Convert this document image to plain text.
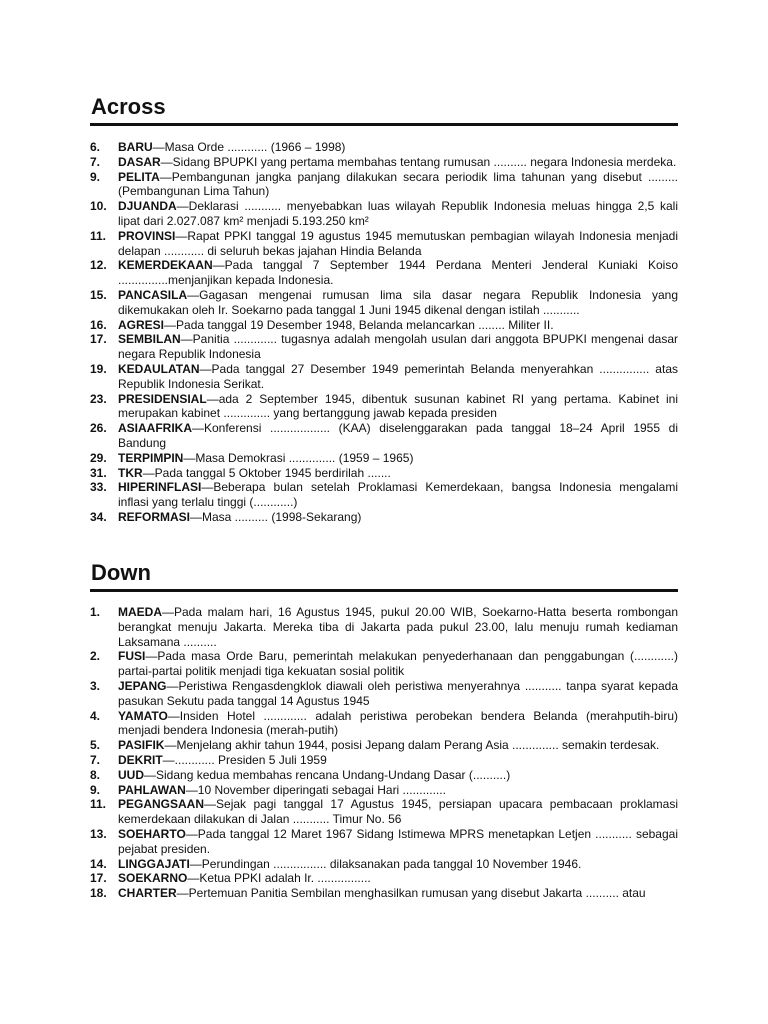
Across
6.	BARU—Masa Orde ............ (1966 – 1998)
7.	DASAR—Sidang BPUPKI yang pertama membahas tentang rumusan .......... negara Indonesia merdeka.
9.	PELITA—Pembangunan jangka panjang dilakukan secara periodik lima tahunan yang disebut ......... (Pembangunan Lima Tahun)
10. DJUANDA—Deklarasi ........... menyebabkan luas wilayah Republik Indonesia meluas hingga 2,5 kali lipat dari 2.027.087 km² menjadi 5.193.250 km²
11. PROVINSI—Rapat PPKI tanggal 19 agustus 1945 memutuskan pembagian wilayah Indonesia menjadi delapan ............ di seluruh bekas jajahan Hindia Belanda
12. KEMERDEKAAN—Pada tanggal 7 September 1944 Perdana Menteri Jenderal Kuniaki Koiso ...............menjanjikan kepada Indonesia.
15. PANCASILA—Gagasan mengenai rumusan lima sila dasar negara Republik Indonesia yang dikemukakan oleh Ir. Soekarno pada tanggal 1 Juni 1945 dikenal dengan istilah ...........
16. AGRESI—Pada tanggal 19 Desember 1948, Belanda melancarkan ........ Militer II.
17. SEMBILAN—Panitia ............. tugasnya adalah mengolah usulan dari anggota BPUPKI mengenai dasar negara Republik Indonesia
19. KEDAULATAN—Pada tanggal 27 Desember 1949 pemerintah Belanda menyerahkan ............... atas Republik Indonesia Serikat.
23. PRESIDENSIAL—ada 2 September 1945, dibentuk susunan kabinet RI yang pertama. Kabinet ini merupakan kabinet .............. yang bertanggung jawab kepada presiden
26. ASIAAFRIKA—Konferensi .................. (KAA) diselenggarakan pada tanggal 18–24 April 1955 di Bandung
29. TERPIMPIN—Masa Demokrasi .............. (1959 – 1965)
31. TKR—Pada tanggal 5 Oktober 1945 berdirilah .......
33. HIPERINFLASI—Beberapa bulan setelah Proklamasi Kemerdekaan, bangsa Indonesia mengalami inflasi yang terlalu tinggi (............)
34. REFORMASI—Masa .......... (1998-Sekarang)
Down
1.	MAEDA—Pada malam hari, 16 Agustus 1945, pukul 20.00 WIB, Soekarno-Hatta beserta rombongan berangkat menuju Jakarta. Mereka tiba di Jakarta pada pukul 23.00, lalu menuju rumah kediaman Laksamana ..........
2.	FUSI—Pada masa Orde Baru, pemerintah melakukan penyederhanaan dan penggabungan (............) partai-partai politik menjadi tiga kekuatan sosial politik
3.	JEPANG—Peristiwa Rengasdengklok diawali oleh peristiwa menyerahnya ........... tanpa syarat kepada pasukan Sekutu pada tanggal 14 Agustus 1945
4.	YAMATO—Insiden Hotel ............. adalah peristiwa perobekan bendera Belanda (merahputih-biru) menjadi bendera Indonesia (merah-putih)
5.	PASIFIK—Menjelang akhir tahun 1944, posisi Jepang dalam Perang Asia .............. semakin terdesak.
7.	DEKRIT—............ Presiden 5 Juli 1959
8.	UUD—Sidang kedua membahas rencana Undang-Undang Dasar (..........)
9.	PAHLAWAN—10 November diperingati sebagai Hari .............
11. PEGANGSAAN—Sejak pagi tanggal 17 Agustus 1945, persiapan upacara pembacaan proklamasi kemerdekaan dilakukan di Jalan ........... Timur No. 56
13. SOEHARTO—Pada tanggal 12 Maret 1967 Sidang Istimewa MPRS menetapkan Letjen ........... sebagai pejabat presiden.
14. LINGGAJATI—Perundingan ................ dilaksanakan pada tanggal 10 November 1946.
17. SOEKARNO—Ketua PPKI adalah Ir. ................
18. CHARTER—Pertemuan Panitia Sembilan menghasilkan rumusan yang disebut Jakarta .......... atau
